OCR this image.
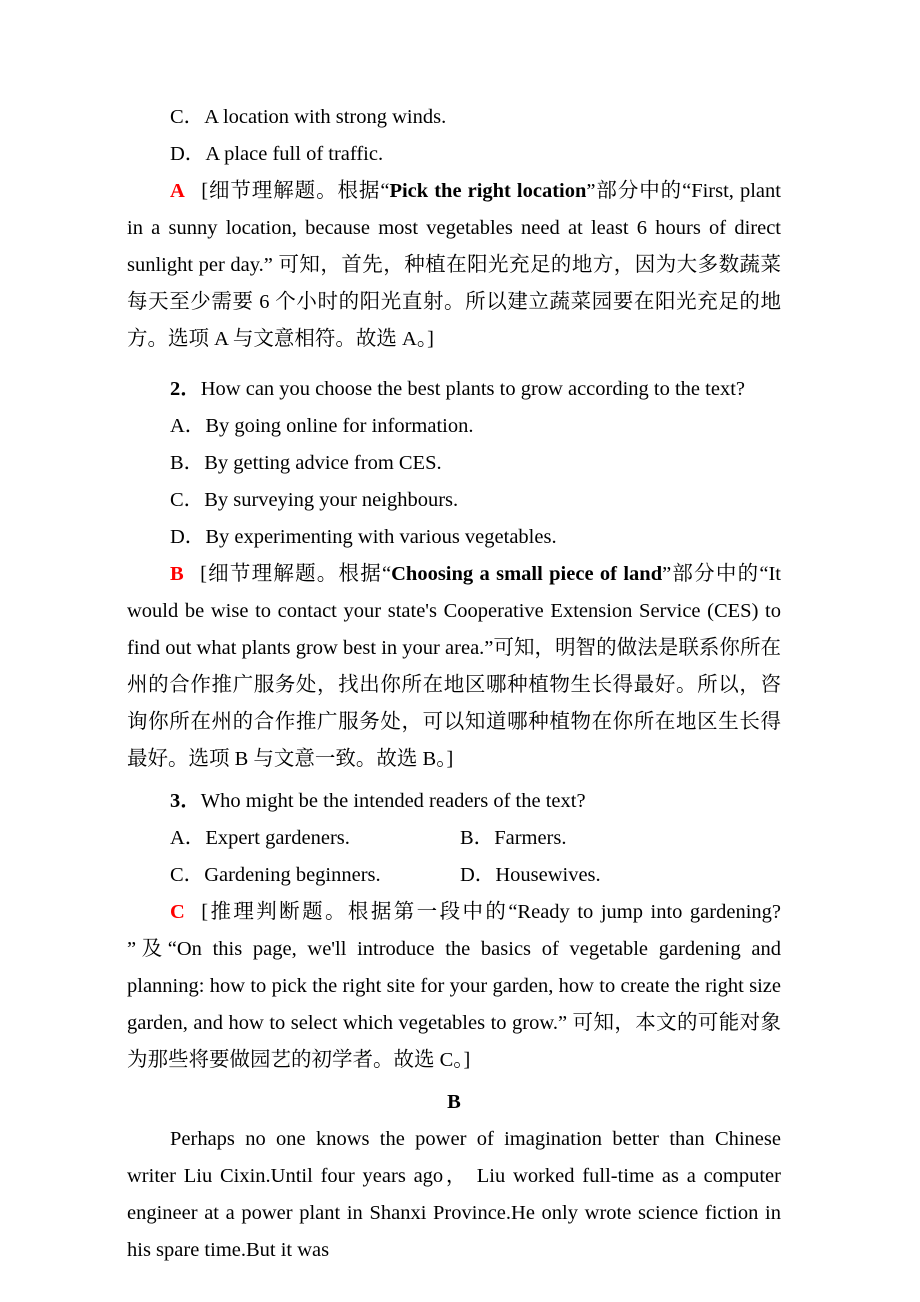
C．A location with strong winds.

D．A place full of traffic.

A [细节理解题。根据“Pick the right location”部分中的“First, plant in a sunny location, because most vegetables need at least 6 hours of direct sunlight per day.” 可知，首先，种植在阳光充足的地方，因为大多数蔬菜每天至少需要 6 个小时的阳光直射。所以建立蔬菜园要在阳光充足的地方。选项 A 与文意相符。故选 A。]

2．How can you choose the best plants to grow according to the text?

A．By going online for information.

B．By getting advice from CES.

C．By surveying your neighbours.

D．By experimenting with various vegetables.

B [细节理解题。根据“Choosing a small piece of land”部分中的“It would be wise to contact your state's Cooperative Extension Service (CES) to find out what plants grow best in your area.”可知，明智的做法是联系你所在州的合作推广服务处，找出你所在地区哪种植物生长得最好。所以，咨询你所在州的合作推广服务处，可以知道哪种植物在你所在地区生长得最好。选项 B 与文意一致。故选 B。]

3．Who might be the intended readers of the text?

A．Expert gardeners.	B．Farmers.

C．Gardening beginners.	D．Housewives.

C [推理判断题。根据第一段中的“Ready to jump into gardening? ”及“On this page, we'll introduce the basics of vegetable gardening and planning: how to pick the right site for your garden, how to create the right size garden, and how to select which vegetables to grow.” 可知，本文的可能对象为那些将要做园艺的初学者。故选 C。]

B

Perhaps no one knows the power of imagination better than Chinese writer Liu Cixin.Until four years ago， Liu worked full-time as a computer engineer at a power plant in Shanxi Province.He only wrote science fiction in his spare time.But it was
